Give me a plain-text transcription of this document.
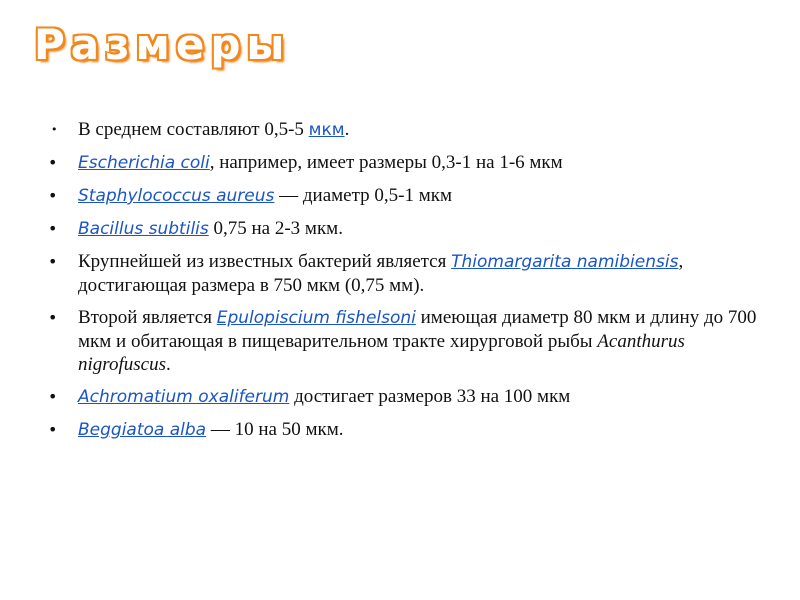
Размеры
•	В среднем составляют 0,5-5 мкм.
•	Escherichia coli, например, имеет размеры 0,3-1 на 1-6 мкм
•	Staphylococcus aureus — диаметр 0,5-1 мкм
•	Bacillus subtilis 0,75 на 2-3 мкм.
•	Крупнейшей из известных бактерий является Thiomargarita namibiensis, достигающая размера в 750 мкм (0,75 мм).
•	Второй является Epulopiscium fishelsoni имеющая диаметр 80 мкм и длину до 700 мкм и обитающая в пищеварительном тракте хирурговой рыбы Acanthurus nigrofuscus.
•	Achromatium oxaliferum достигает размеров 33 на 100 мкм
•	Beggiatoa alba — 10 на 50 мкм.
